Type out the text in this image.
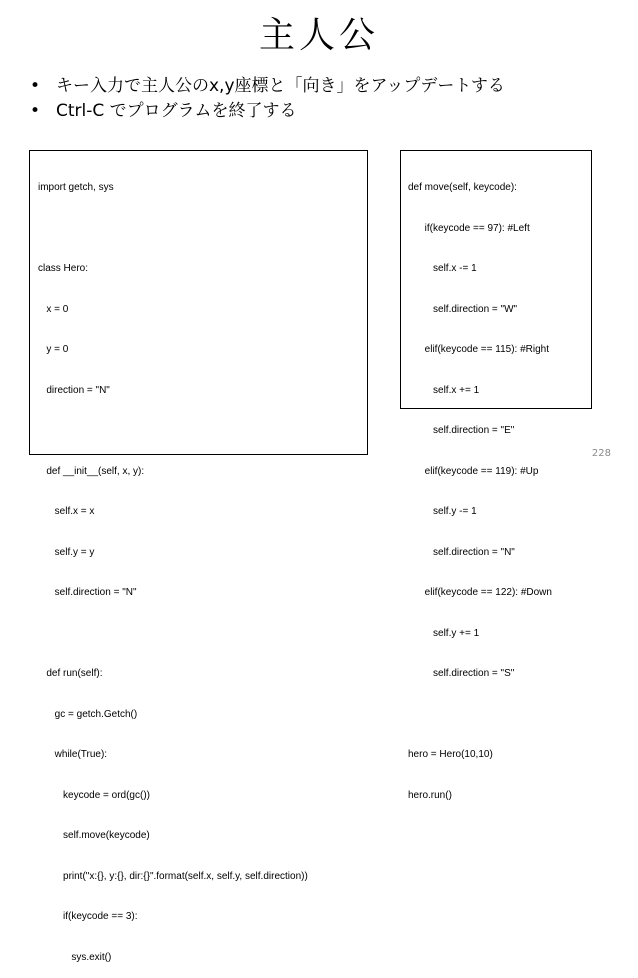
主人公
• キー入力で主人公のx,y座標と「向き」をアップデートする
• Ctrl-C でプログラムを終了する

import getch, sys

class Hero:

x = 0

y = 0

direction = "N"

def __init__(self, x, y):

self.x = x

self.y = y

self.direction = "N"

def run(self):

gc = getch.Getch()

while(True):

keycode = ord(gc())

self.move(keycode)

print("x:{}, y:{}, dir:{}".format(self.x, self.y, self.direction))

if(keycode == 3):

sys.exit()

def move(self, keycode):

if(keycode == 97): #Left

self.x -= 1

self.direction = "W"

elif(keycode == 115): #Right

self.x += 1

self.direction = "E"

elif(keycode == 119): #Up

self.y -= 1

self.direction = "N"

elif(keycode == 122): #Down

self.y += 1

self.direction = "S"

hero = Hero(10,10)

hero.run()

228
